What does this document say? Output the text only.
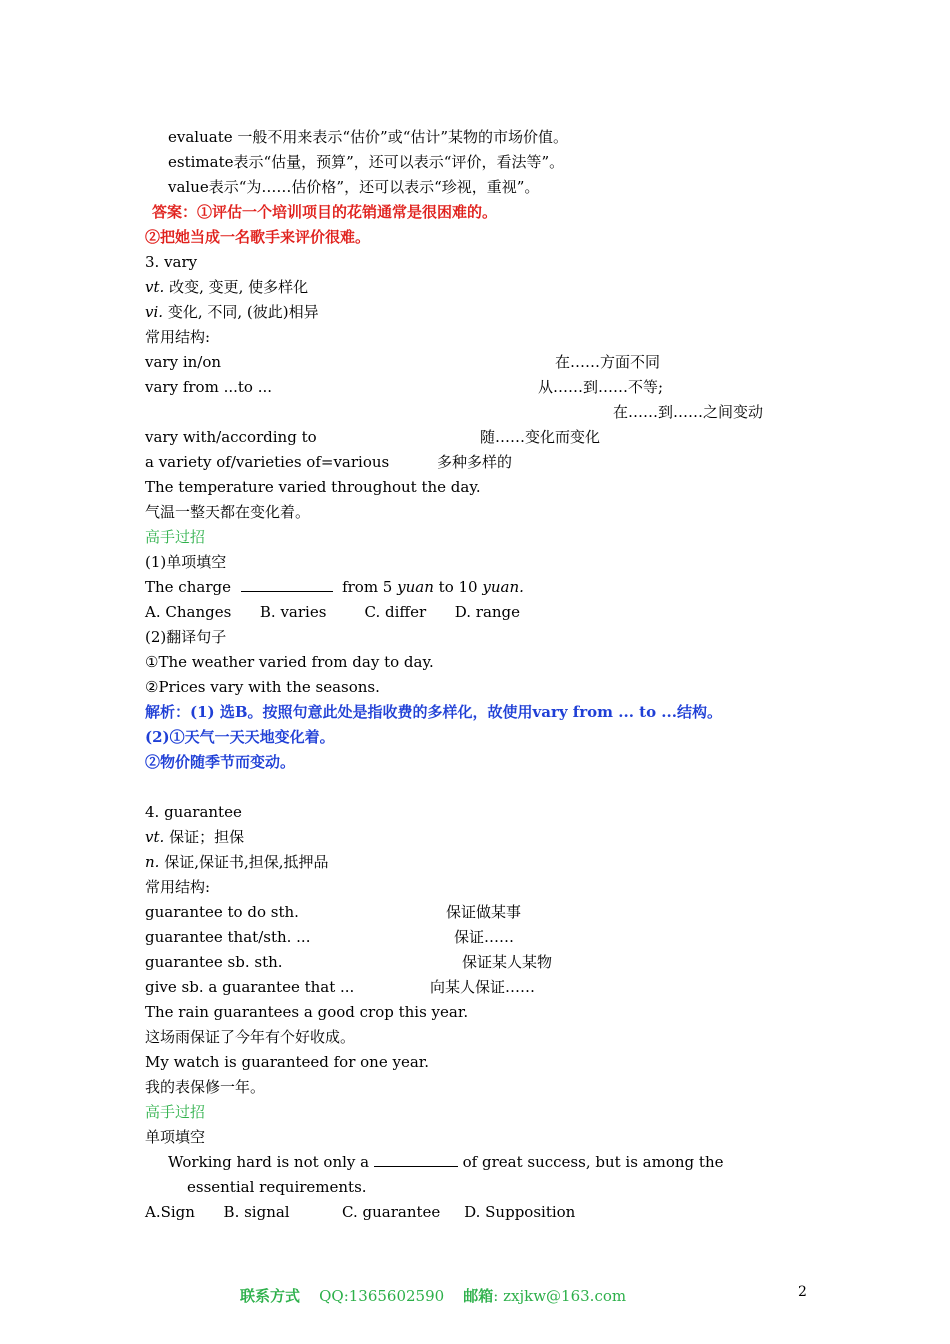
evaluate 一般不用来表示“估价”或“估计”某物的市场价值。
estimate表示“估量，预算”，还可以表示“评价，看法等”。
value表示“为……估价格”，还可以表示“珍视，重视”。
答案：①评估一个培训项目的花销通常是很困难的。
②把她当成一名歌手来评价很难。
3. vary
vt. 改变, 变更, 使多样化
vi. 变化, 不同, (彼此)相异
常用结构:
vary in/on	在……方面不同
vary from ...to ...	从……到……不等;
在……到……之间变动
vary with/according to	随……变化而变化
a variety of/varieties of=various	多种多样的
The temperature varied throughout the day.
气温一整天都在变化着。
高手过招
(1)单项填空
The charge	from 5 yuan to 10 yuan.
A. Changes      B. varies        C. differ      D. range
(2)翻译句子
①The weather varied from day to day.
②Prices vary with the seasons.
解析：(1) 选B。按照句意此处是指收费的多样化，故使用vary from ... to ...结构。
(2)①天气一天天地变化着。
②物价随季节而变动。
4. guarantee
vt. 保证；担保
n. 保证,保证书,担保,抵押品
常用结构:
guarantee to do sth.	保证做某事
guarantee that/sth. ...	保证……
guarantee sb. sth.	保证某人某物
give sb. a guarantee that ...	向某人保证……
The rain guarantees a good crop this year.
这场雨保证了今年有个好收成。
My watch is guaranteed for one year.
我的表保修一年。
高手过招
单项填空
Working hard is not only a	of great success, but is among the
essential requirements.
A.Sign      B. signal           C. guarantee     D. Supposition
联系方式 QQ:1365602590 邮箱: zxjkw@163.com	2
